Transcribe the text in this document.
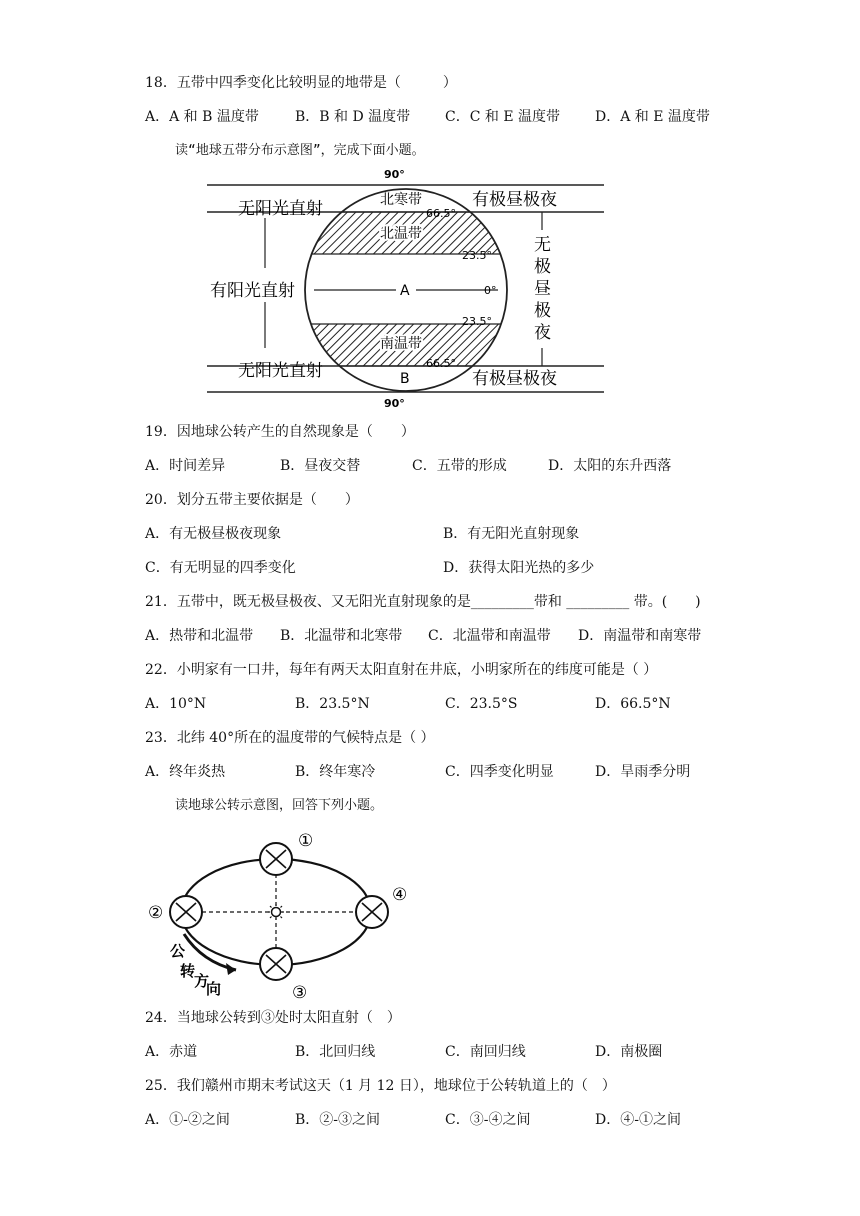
18．五带中四季变化比较明显的地带是（　　　）
A．A 和 B 温度带	B．B 和 D 温度带 C．C 和 E 温度带	D．A 和 E 温度带
读“地球五带分布示意图”，完成下面小题。
90°
90°
无阳光直射
有阳光直射
无阳光直射
北寒带
北温带
南温带
A
B
66.5°
23.5°
0°
23.5°
66.5°
有极昼极夜
有极昼极夜
无
极
昼
极
夜
19．因地球公转产生的自然现象是（　　）
A．时间差异	B．昼夜交替	C．五带的形成	D．太阳的东升西落
20．划分五带主要依据是（　　）
A．有无极昼极夜现象	B．有无阳光直射现象
C．有无明显的四季变化	D．获得太阳光热的多少
21．五带中，既无极昼极夜、又无阳光直射现象的是_________带和 _________ 带。(　　)
A．热带和北温带 B．北温带和北寒带 C．北温带和南温带 D．南温带和南寒带
22．小明家有一口井，每年有两天太阳直射在井底，小明家所在的纬度可能是（ ）
A．10°N	B．23.5°N	C．23.5°S	D．66.5°N
23．北纬 40°所在的温度带的气候特点是（ ）
A．终年炎热	B．终年寒冷	C．四季变化明显	D．旱雨季分明
读地球公转示意图，回答下列小题。
①
②
③
④
公
转
方
向
24．当地球公转到③处时太阳直射（　）
A．赤道	B．北回归线	C．南回归线	D．南极圈
25．我们赣州市期末考试这天（1 月 12 日），地球位于公转轨道上的（　）
A．①-②之间	B．②-③之间	C．③-④之间	D．④-①之间
